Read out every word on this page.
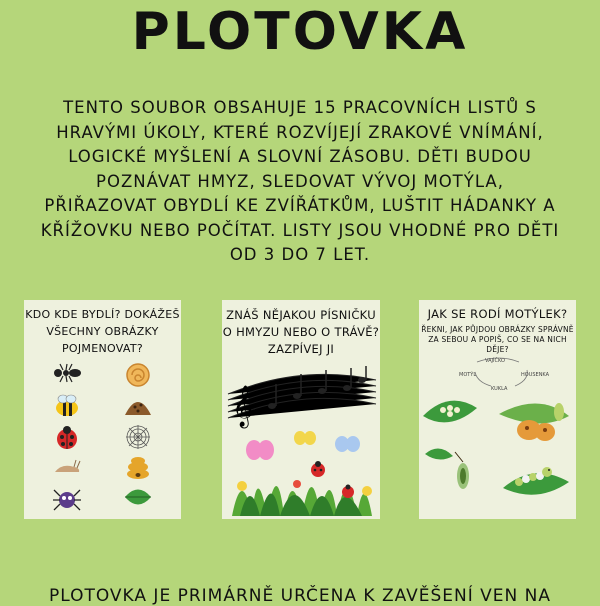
PLOTOVKA
TENTO SOUBOR OBSAHUJE 15 PRACOVNÍCH LISTŮ S HRAVÝMI ÚKOLY, KTERÉ ROZVÍJEJÍ ZRAKOVÉ VNÍMÁNÍ, LOGICKÉ MYŠLENÍ A SLOVNÍ ZÁSOBU. DĚTI BUDOU POZNÁVAT HMYZ, SLEDOVAT VÝVOJ MOTÝLA, PŘIŘAZOVAT OBYDLÍ KE ZVÍŘÁTKŮM, LUŠTIT HÁDANKY A KŘÍŽOVKU NEBO POČÍTAT. LISTY JSOU VHODNÉ PRO DĚTI OD 3 DO 7 LET.
KDO KDE BYDLÍ? DOKÁŽEŠ VŠECHNY OBRÁZKY POJMENOVAT?
ZNÁŠ NĚJAKOU PÍSNIČKU O HMYZU NEBO O TRÁVĚ? ZAZPÍVEJ JI
𝄞
JAK SE RODÍ MOTÝLEK?
ŘEKNI, JAK PŮJDOU OBRÁZKY SPRÁVNĚ ZA SEBOU A POPIŠ, CO SE NA NICH DĚJE?
VAJÍČKO
HOUSENKA
KUKLA
MOTÝL
PLOTOVKA JE PRIMÁRNĚ URČENA K ZAVĚŠENÍ VEN NA
